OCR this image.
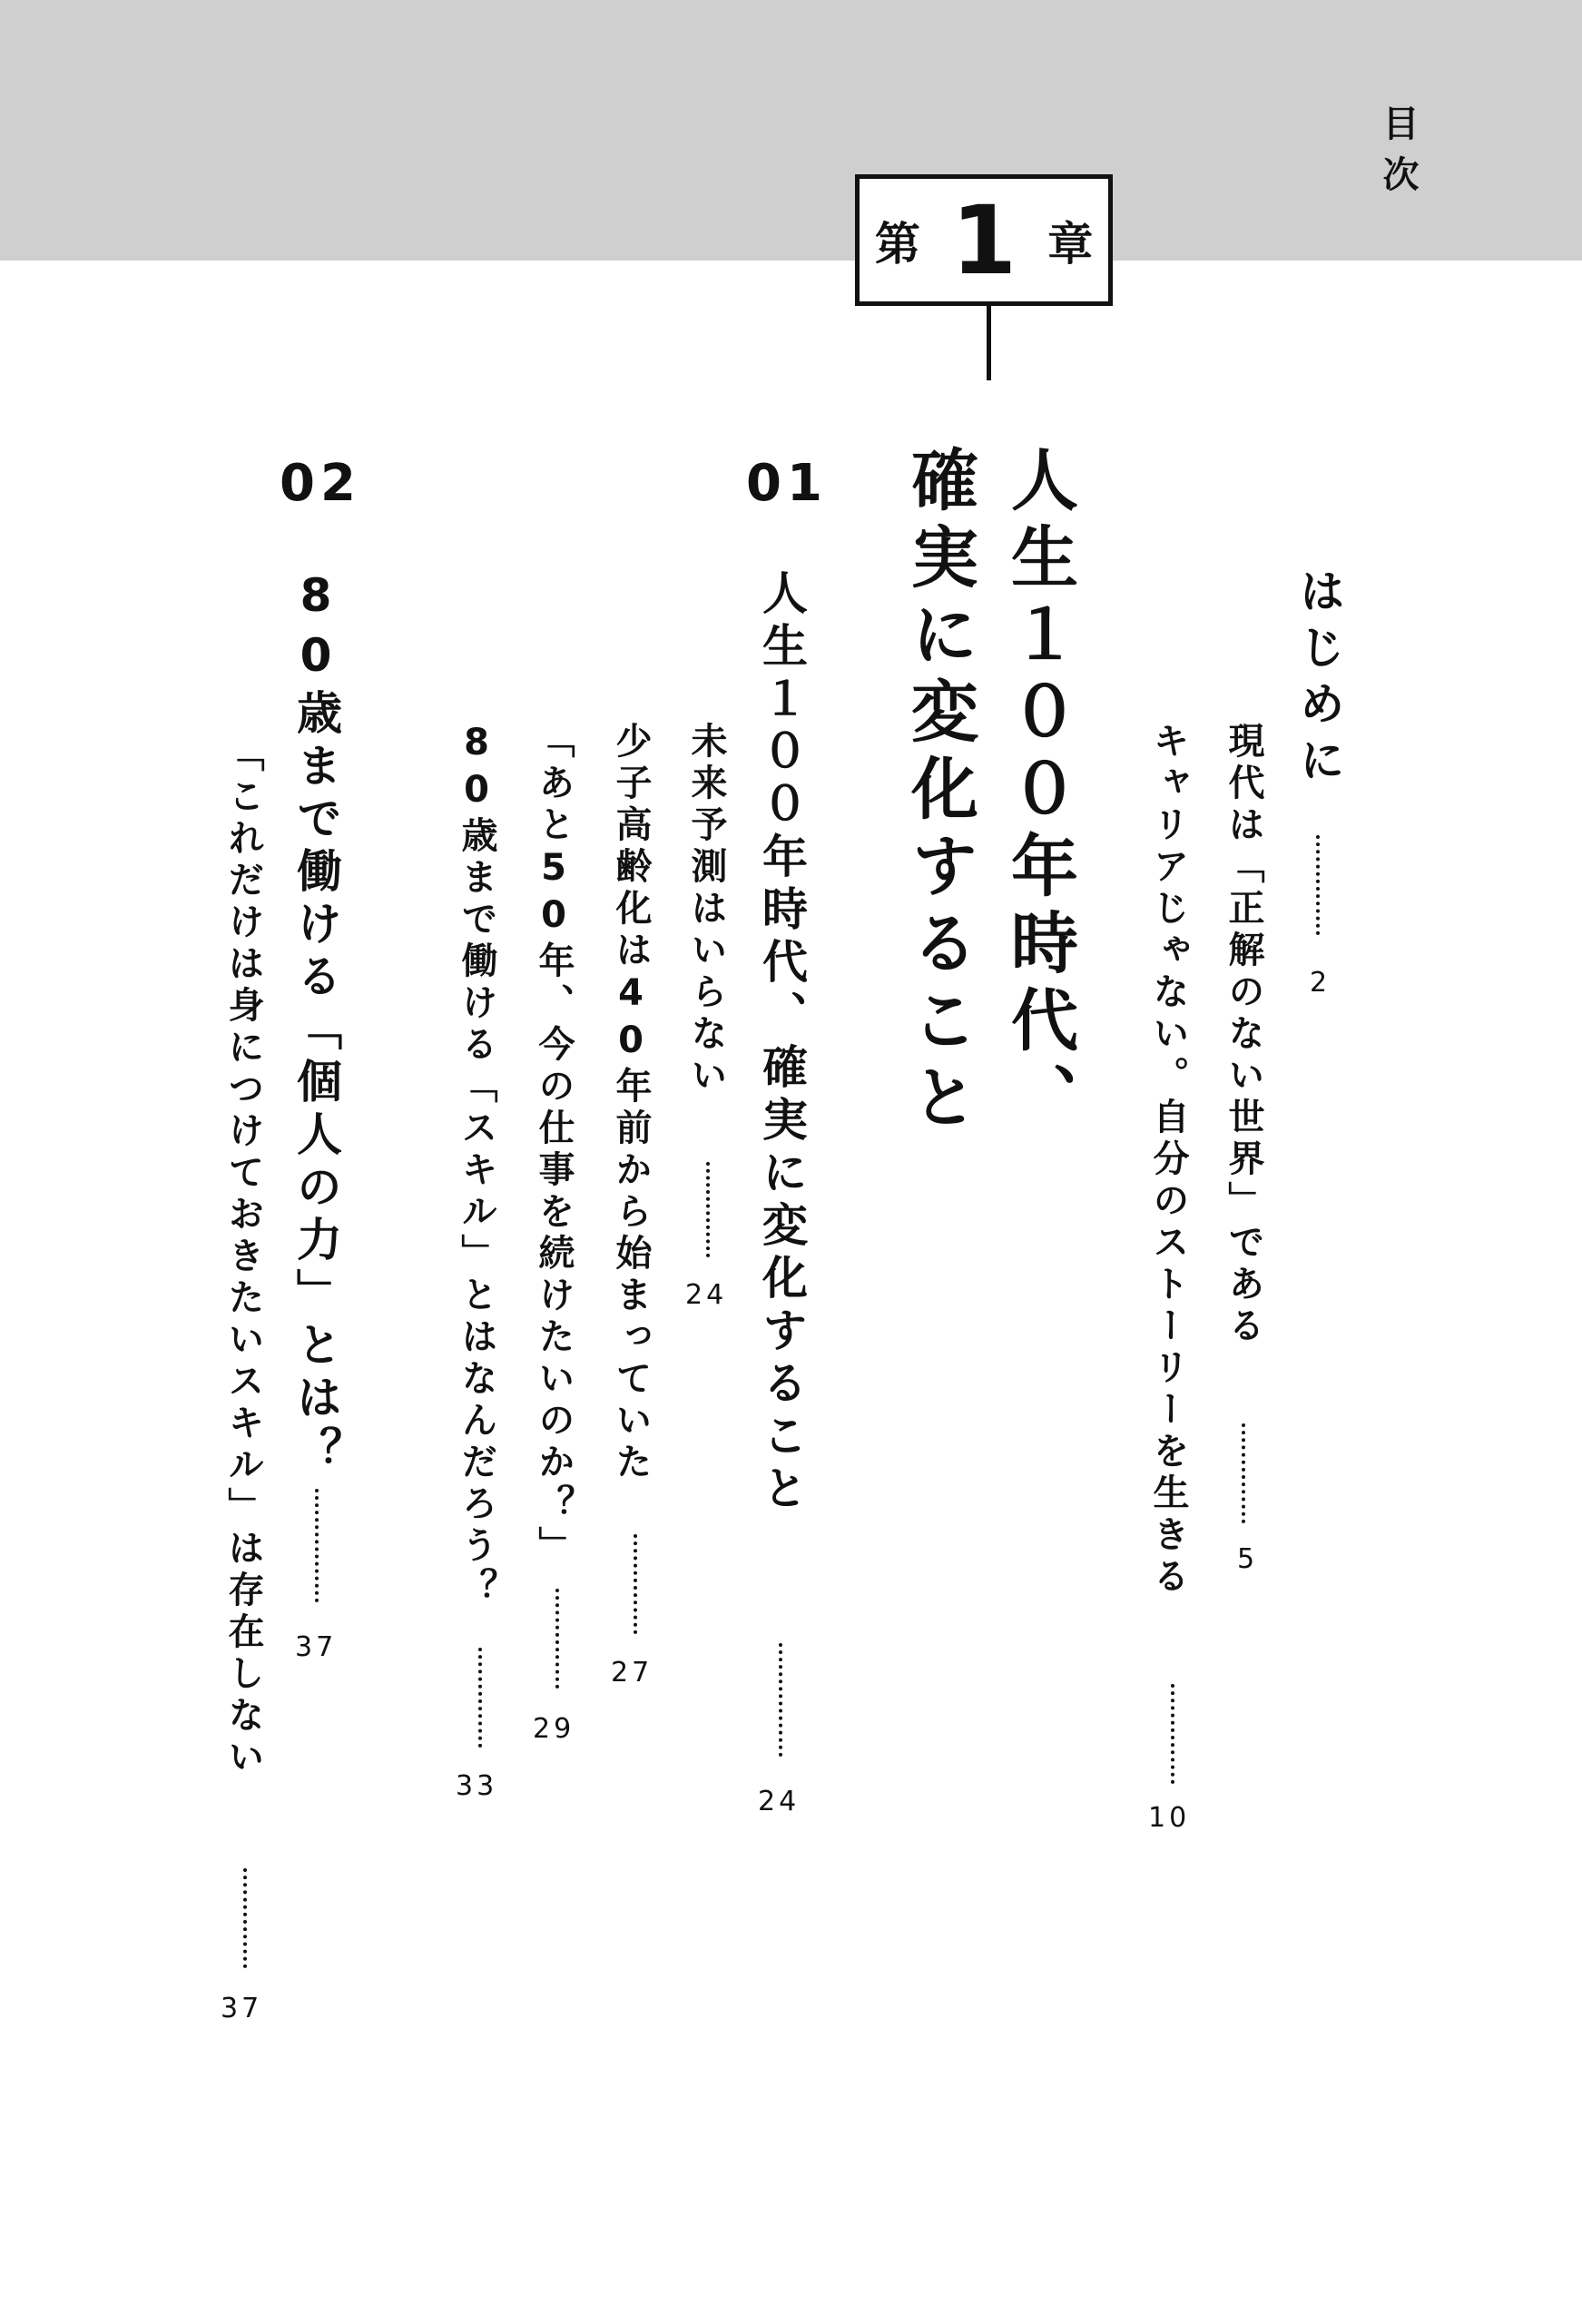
目次
第 1 章
人生１００年時代、
確実に変化すること	はじめに
2
現代は「正解のない世界」である
5
キャリアじゃない。自分のストーリーを生きる
10
01
人生１００年時代、確実に変化すること
24
未来予測はいらない
24
少子高齢化は40年前から始まっていた
27
「あと50年、今の仕事を続けたいのか？」
29
80歳まで働ける「スキル」とはなんだろう？
33
02
80歳まで働ける「個人の力」とは？
37
「これだけは身につけておきたいスキル」は存在しない
37
